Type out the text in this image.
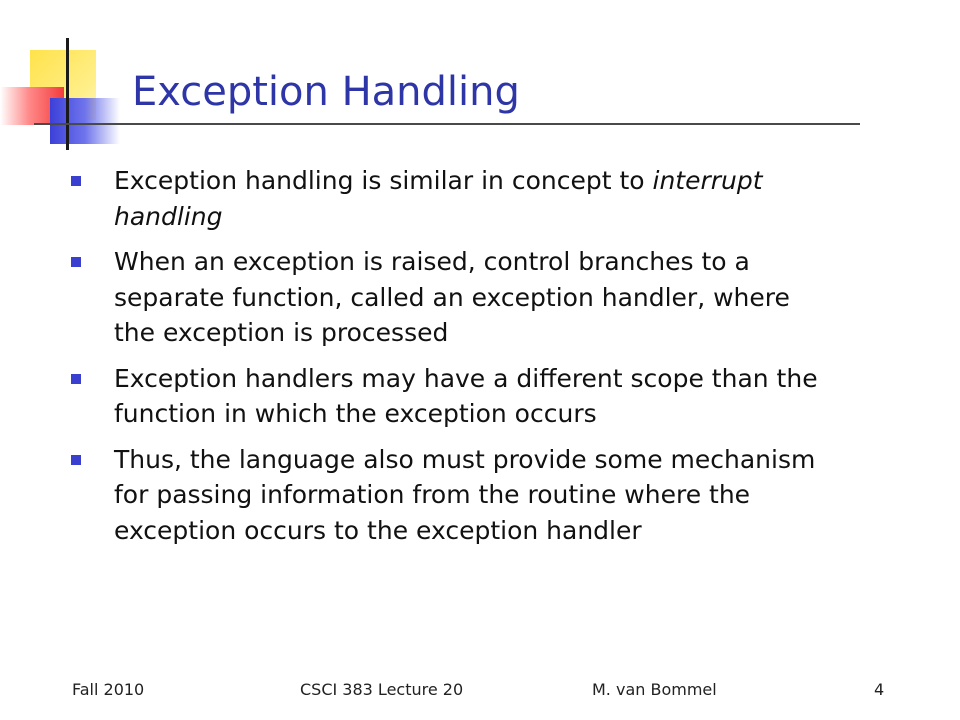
Exception Handling
Exception handling is similar in concept to interrupt
handling
When an exception is raised, control branches to a
separate function, called an exception handler, where
the exception is processed
Exception handlers may have a different scope than the
function in which the exception occurs
Thus, the language also must provide some mechanism
for passing information from the routine where the
exception occurs to the exception handler
Fall 2010	CSCI 383 Lecture 20	M. van Bommel	4
